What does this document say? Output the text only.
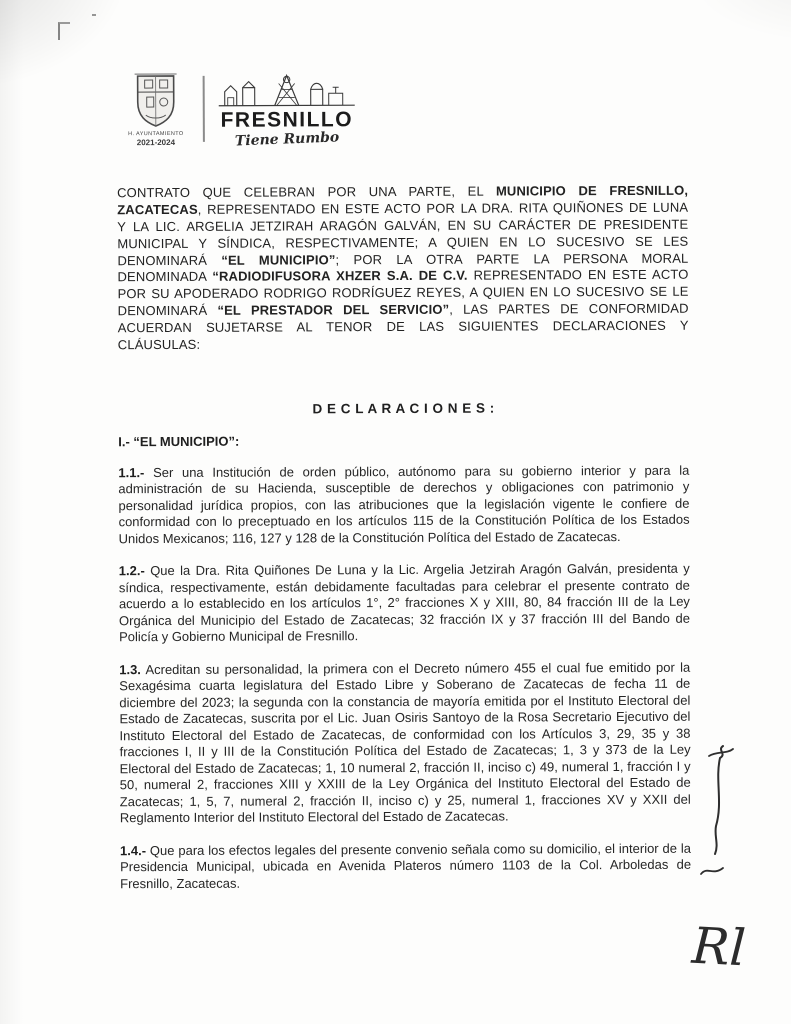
H. AYUNTAMIENTO
2021-2024
FRESNILLO
Tiene Rumbo

CONTRATO QUE CELEBRAN POR UNA PARTE, EL MUNICIPIO DE FRESNILLO, ZACATECAS, REPRESENTADO EN ESTE ACTO POR LA DRA. RITA QUIÑONES DE LUNA Y LA LIC. ARGELIA JETZIRAH ARAGÓN GALVÁN, EN SU CARÁCTER DE PRESIDENTE MUNICIPAL Y SÍNDICA, RESPECTIVAMENTE; A QUIEN EN LO SUCESIVO SE LES DENOMINARÁ “EL MUNICIPIO”; POR LA OTRA PARTE LA PERSONA MORAL DENOMINADA “RADIODIFUSORA XHZER S.A. DE C.V. REPRESENTADO EN ESTE ACTO POR SU APODERADO RODRIGO RODRÍGUEZ REYES, A QUIEN EN LO SUCESIVO SE LE DENOMINARÁ “EL PRESTADOR DEL SERVICIO”, LAS PARTES DE CONFORMIDAD ACUERDAN SUJETARSE AL TENOR DE LAS SIGUIENTES DECLARACIONES Y CLÁUSULAS:

D E C L A R A C I O N E S :
I.- “EL MUNICIPIO”:

1.1.- Ser una Institución de orden público, autónomo para su gobierno interior y para la administración de su Hacienda, susceptible de derechos y obligaciones con patrimonio y personalidad jurídica propios, con las atribuciones que la legislación vigente le confiere de conformidad con lo preceptuado en los artículos 115 de la Constitución Política de los Estados Unidos Mexicanos; 116, 127 y 128 de la Constitución Política del Estado de Zacatecas.

1.2.- Que la Dra. Rita Quiñones De Luna y la Lic. Argelia Jetzirah Aragón Galván, presidenta y síndica, respectivamente, están debidamente facultadas para celebrar el presente contrato de acuerdo a lo establecido en los artículos 1°, 2° fracciones X y XIII, 80, 84 fracción III de la Ley Orgánica del Municipio del Estado de Zacatecas; 32 fracción IX y 37 fracción III del Bando de Policía y Gobierno Municipal de Fresnillo.

1.3. Acreditan su personalidad, la primera con el Decreto número 455 el cual fue emitido por la Sexagésima cuarta legislatura del Estado Libre y Soberano de Zacatecas de fecha 11 de diciembre del 2023; la segunda con la constancia de mayoría emitida por el Instituto Electoral del Estado de Zacatecas, suscrita por el Lic. Juan Osiris Santoyo de la Rosa Secretario Ejecutivo del Instituto Electoral del Estado de Zacatecas, de conformidad con los Artículos 3, 29, 35 y 38 fracciones I, II y III de la Constitución Política del Estado de Zacatecas; 1, 3 y 373 de la Ley Electoral del Estado de Zacatecas; 1, 10 numeral 2, fracción II, inciso c) 49, numeral 1, fracción I y 50, numeral 2, fracciones XIII y XXIII de la Ley Orgánica del Instituto Electoral del Estado de Zacatecas; 1, 5, 7, numeral 2, fracción II, inciso c) y 25, numeral 1, fracciones XV y XXII del Reglamento Interior del Instituto Electoral del Estado de Zacatecas.

1.4.- Que para los efectos legales del presente convenio señala como su domicilio, el interior de la Presidencia Municipal, ubicada en Avenida Plateros número 1103 de la Col. Arboledas de Fresnillo, Zacatecas.

Rl
